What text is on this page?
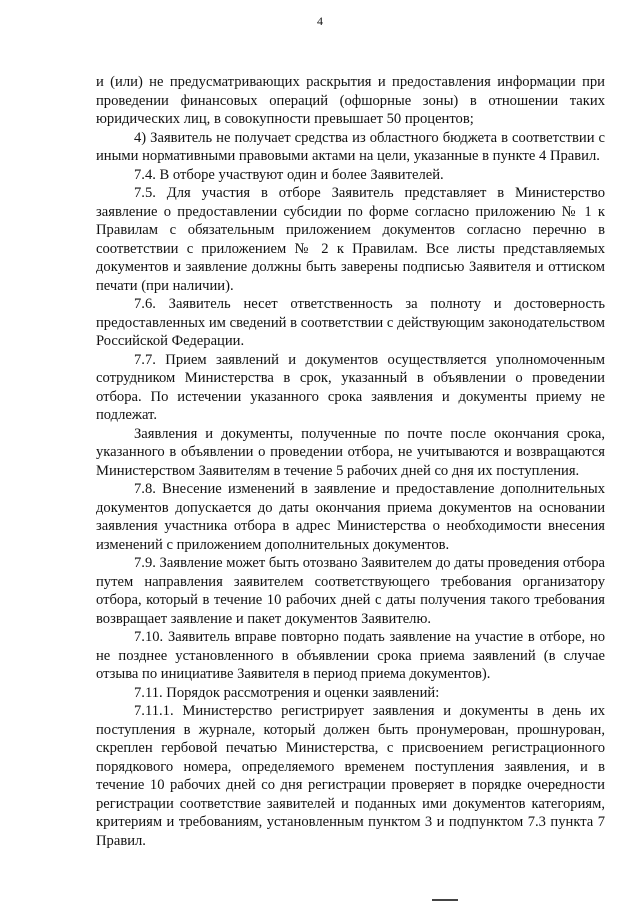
4

и (или) не предусматривающих раскрытия и предоставления информации при проведении финансовых операций (офшорные зоны) в отношении таких юридических лиц, в совокупности превышает 50 процентов;

4) Заявитель не получает средства из областного бюджета в соответствии с иными нормативными правовыми актами на цели, указанные в пункте 4 Правил.

7.4. В отборе участвуют один и более Заявителей.

7.5. Для участия в отборе Заявитель представляет в Министерство заявление о предоставлении субсидии по форме согласно приложению № 1 к Правилам с обязательным приложением документов согласно перечню в соответствии с приложением № 2 к Правилам. Все листы представляемых документов и заявление должны быть заверены подписью Заявителя и оттиском печати (при наличии).

7.6. Заявитель несет ответственность за полноту и достоверность предоставленных им сведений в соответствии с действующим законодательством Российской Федерации.

7.7. Прием заявлений и документов осуществляется уполномоченным сотрудником Министерства в срок, указанный в объявлении о проведении отбора. По истечении указанного срока заявления и документы приему не подлежат.

Заявления и документы, полученные по почте после окончания срока, указанного в объявлении о проведении отбора, не учитываются и возвращаются Министерством Заявителям в течение 5 рабочих дней со дня их поступления.

7.8. Внесение изменений в заявление и предоставление дополнительных документов допускается до даты окончания приема документов на основании заявления участника отбора в адрес Министерства о необходимости внесения изменений с приложением дополнительных документов.

7.9. Заявление может быть отозвано Заявителем до даты проведения отбора путем направления заявителем соответствующего требования организатору отбора, который в течение 10 рабочих дней с даты получения такого требования возвращает заявление и пакет документов Заявителю.

7.10. Заявитель вправе повторно подать заявление на участие в отборе, но не позднее установленного в объявлении срока приема заявлений (в случае отзыва по инициативе Заявителя в период приема документов).

7.11. Порядок рассмотрения и оценки заявлений:

7.11.1. Министерство регистрирует заявления и документы в день их поступления в журнале, который должен быть пронумерован, прошнурован, скреплен гербовой печатью Министерства, с присвоением регистрационного порядкового номера, определяемого временем поступления заявления, и в течение 10 рабочих дней со дня регистрации проверяет в порядке очередности регистрации соответствие заявителей и поданных ими документов категориям, критериям и требованиям, установленным пунктом 3 и подпунктом 7.3 пункта 7 Правил.
